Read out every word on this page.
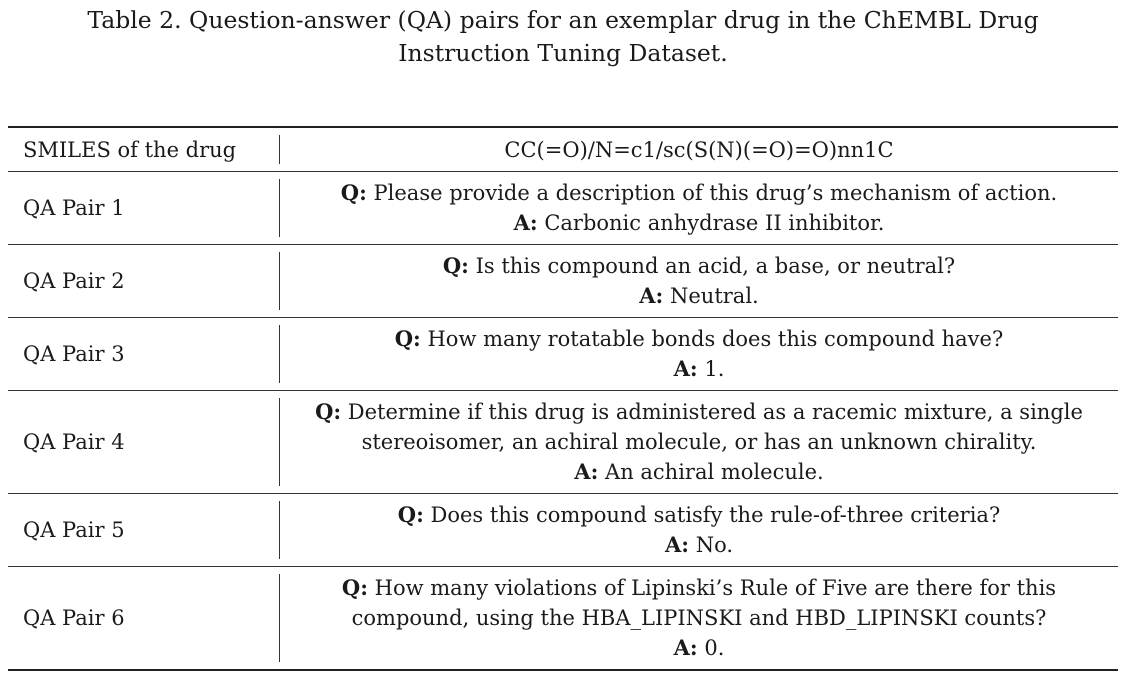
Table 2. Question-answer (QA) pairs for an exemplar drug in the ChEMBL Drug
Instruction Tuning Dataset.
SMILES of the drug	CC(=O)/N=c1/sc(S(N)(=O)=O)nn1C
QA Pair 1	Q: Please provide a description of this drug’s mechanism of action.
A: Carbonic anhydrase II inhibitor.

QA Pair 2	Q: Is this compound an acid, a base, or neutral?
A: Neutral.

QA Pair 3	Q: How many rotatable bonds does this compound have?
A: 1.

QA Pair 4	Q: Determine if this drug is administered as a racemic mixture, a single
stereoisomer, an achiral molecule, or has an unknown chirality.
A: An achiral molecule.

QA Pair 5	Q: Does this compound satisfy the rule-of-three criteria?
A: No.

QA Pair 6	Q: How many violations of Lipinski’s Rule of Five are there for this
compound, using the HBA_LIPINSKI and HBD_LIPINSKI counts?
A: 0.
